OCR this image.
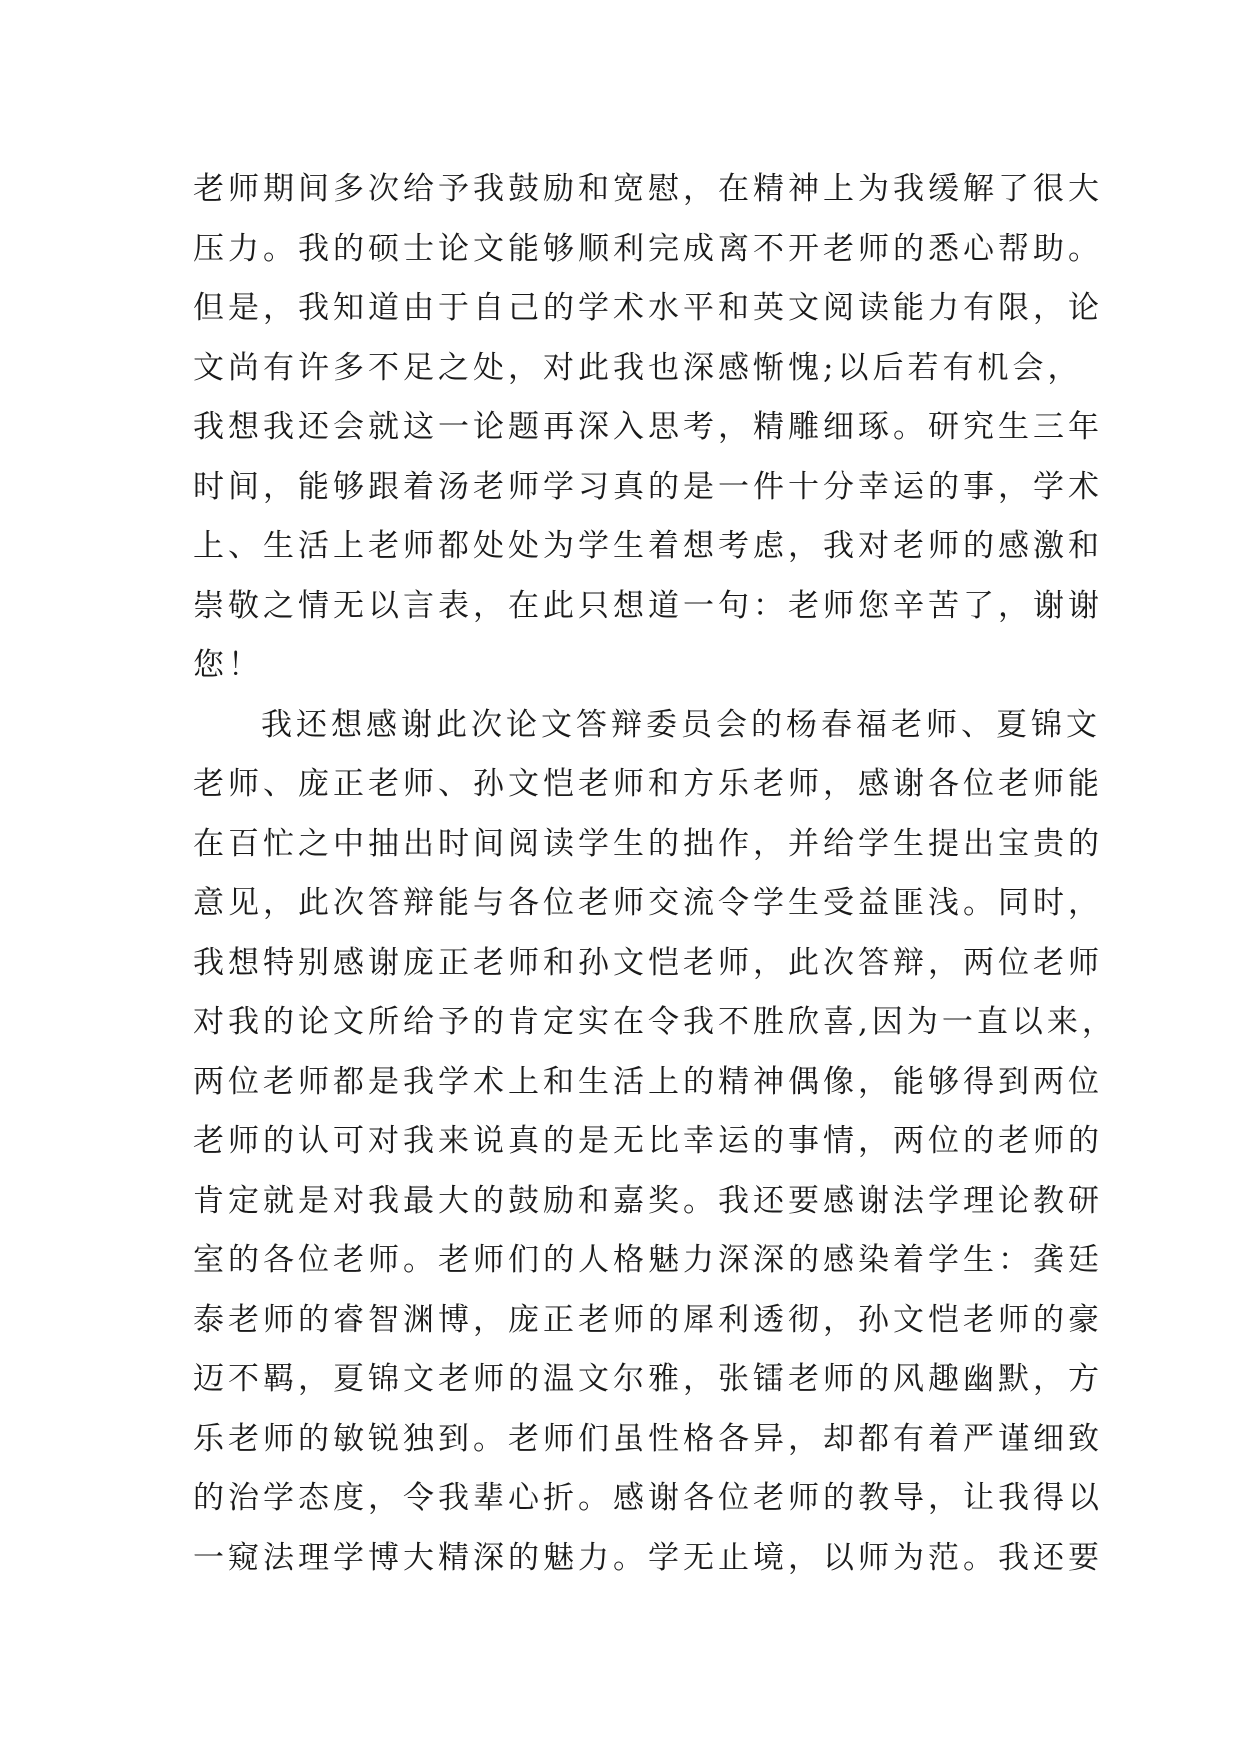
老师期间多次给予我鼓励和宽慰，在精神上为我缓解了很大
压力。我的硕士论文能够顺利完成离不开老师的悉心帮助。
但是，我知道由于自己的学术水平和英文阅读能力有限，论
文尚有许多不足之处，对此我也深感惭愧;以后若有机会，
我想我还会就这一论题再深入思考，精雕细琢。研究生三年
时间，能够跟着汤老师学习真的是一件十分幸运的事，学术
上、生活上老师都处处为学生着想考虑，我对老师的感激和
崇敬之情无以言表，在此只想道一句：老师您辛苦了，谢谢
您！
我还想感谢此次论文答辩委员会的杨春福老师、夏锦文
老师、庞正老师、孙文恺老师和方乐老师，感谢各位老师能
在百忙之中抽出时间阅读学生的拙作，并给学生提出宝贵的
意见，此次答辩能与各位老师交流令学生受益匪浅。同时，
我想特别感谢庞正老师和孙文恺老师，此次答辩，两位老师
对我的论文所给予的肯定实在令我不胜欣喜,因为一直以来，
两位老师都是我学术上和生活上的精神偶像，能够得到两位
老师的认可对我来说真的是无比幸运的事情，两位的老师的
肯定就是对我最大的鼓励和嘉奖。我还要感谢法学理论教研
室的各位老师。老师们的人格魅力深深的感染着学生：龚廷
泰老师的睿智渊博，庞正老师的犀利透彻，孙文恺老师的豪
迈不羁，夏锦文老师的温文尔雅，张镭老师的风趣幽默，方
乐老师的敏锐独到。老师们虽性格各异，却都有着严谨细致
的治学态度，令我辈心折。感谢各位老师的教导，让我得以
一窥法理学博大精深的魅力。学无止境，以师为范。我还要
